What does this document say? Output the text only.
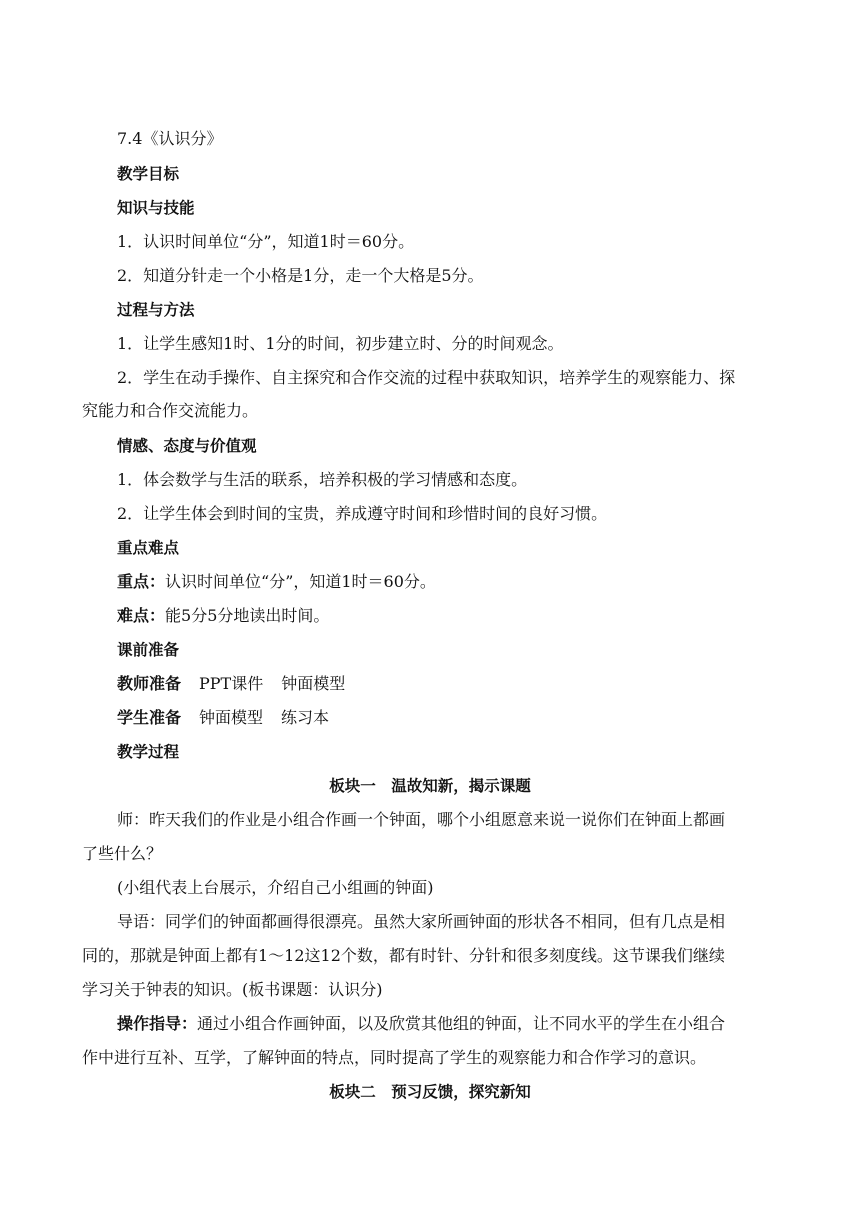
7.4《认识分》
教学目标
知识与技能
1．认识时间单位“分”，知道1时＝60分。
2．知道分针走一个小格是1分，走一个大格是5分。
过程与方法
1．让学生感知1时、1分的时间，初步建立时、分的时间观念。
2．学生在动手操作、自主探究和合作交流的过程中获取知识，培养学生的观察能力、探
究能力和合作交流能力。
情感、态度与价值观
1．体会数学与生活的联系，培养积极的学习情感和态度。
2．让学生体会到时间的宝贵，养成遵守时间和珍惜时间的良好习惯。
重点难点
重点：认识时间单位“分”，知道1时＝60分。
难点：能5分5分地读出时间。
课前准备
教师准备 PPT课件 钟面模型
学生准备 钟面模型 练习本
教学过程
板块一　温故知新，揭示课题
师：昨天我们的作业是小组合作画一个钟面，哪个小组愿意来说一说你们在钟面上都画
了些什么？
(小组代表上台展示，介绍自己小组画的钟面)
导语：同学们的钟面都画得很漂亮。虽然大家所画钟面的形状各不相同，但有几点是相
同的，那就是钟面上都有1～12这12个数，都有时针、分针和很多刻度线。这节课我们继续
学习关于钟表的知识。(板书课题：认识分)
操作指导：通过小组合作画钟面，以及欣赏其他组的钟面，让不同水平的学生在小组合
作中进行互补、互学，了解钟面的特点，同时提高了学生的观察能力和合作学习的意识。
板块二　预习反馈，探究新知
